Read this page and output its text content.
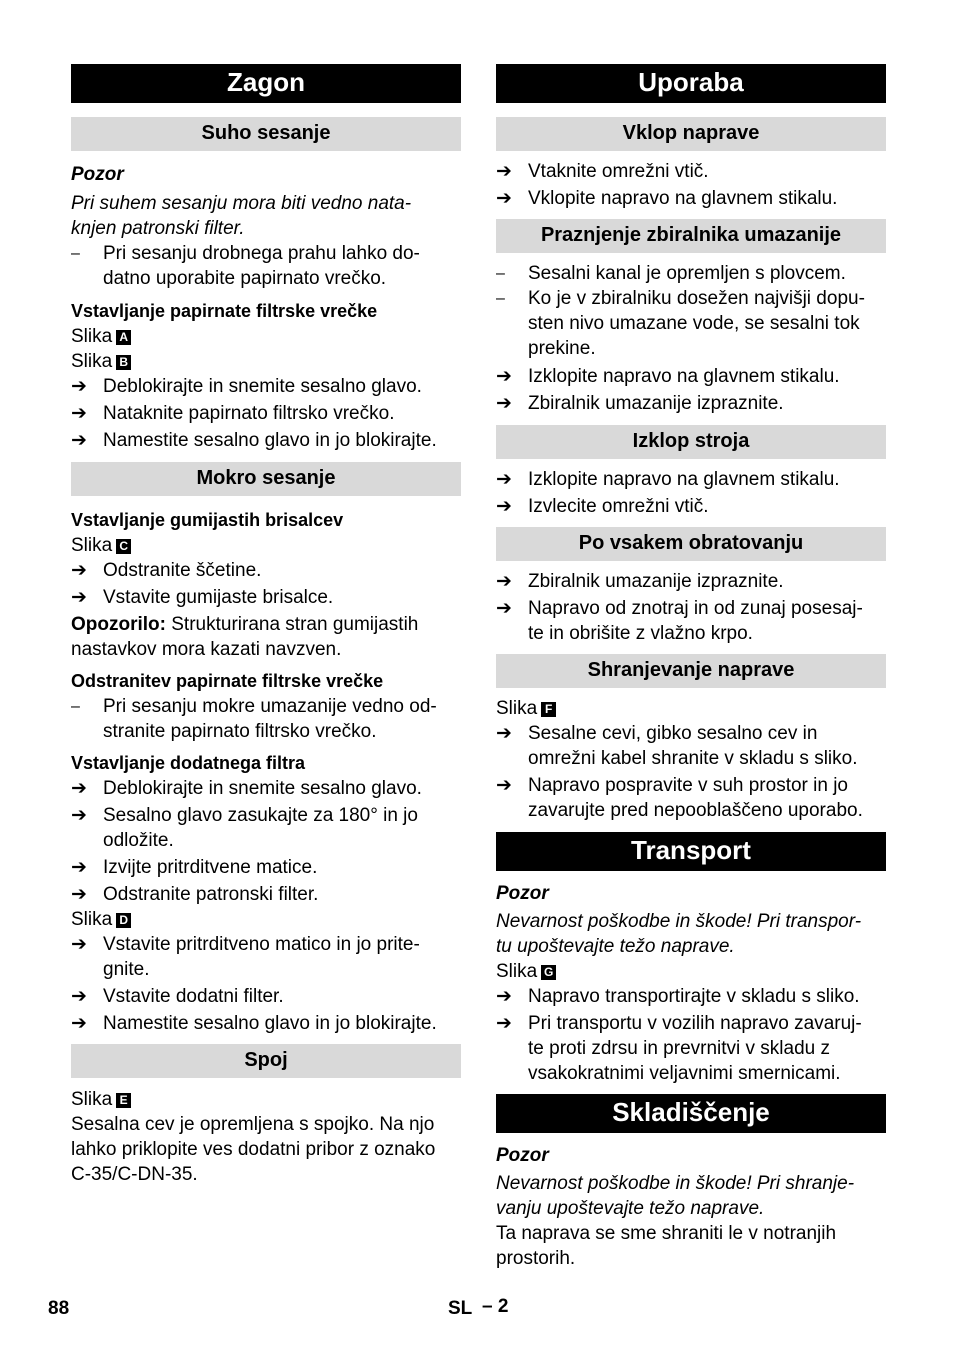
Zagon
Suho sesanje
Pozor
Pri suhem sesanju mora biti vedno nata-
knjen patronski filter.
–	Pri sesanju drobnega prahu lahko do-
datno uporabite papirnato vrečko.
Vstavljanje papirnate filtrske vrečke
Slika A
Slika B
➔ Deblokirajte in snemite sesalno glavo.
➔ Nataknite papirnato filtrsko vrečko.
➔ Namestite sesalno glavo in jo blokirajte.
Mokro sesanje
Vstavljanje gumijastih brisalcev
Slika C
➔ Odstranite ščetine.
➔ Vstavite gumijaste brisalce.
Opozorilo: Strukturirana stran gumijastih
nastavkov mora kazati navzven.
Odstranitev papirnate filtrske vrečke
–	Pri sesanju mokre umazanije vedno od-
stranite papirnato filtrsko vrečko.
Vstavljanje dodatnega filtra
➔ Deblokirajte in snemite sesalno glavo.
➔ Sesalno glavo zasukajte za 180° in jo
odložite.
➔ Izvijte pritrditvene matice.
➔ Odstranite patronski filter.
Slika D
➔ Vstavite pritrditveno matico in jo prite-
gnite.
➔ Vstavite dodatni filter.
➔ Namestite sesalno glavo in jo blokirajte.
Spoj
Slika E
Sesalna cev je opremljena s spojko. Na njo
lahko priklopite ves dodatni pribor z oznako
C-35/C-DN-35.
Uporaba
Vklop naprave
➔ Vtaknite omrežni vtič.
➔ Vklopite napravo na glavnem stikalu.
Praznjenje zbiralnika umazanije
–	Sesalni kanal je opremljen s plovcem.
–	Ko je v zbiralniku dosežen najvišji dopu-
sten nivo umazane vode, se sesalni tok
prekine.
➔ Izklopite napravo na glavnem stikalu.
➔ Zbiralnik umazanije izpraznite.
Izklop stroja
➔ Izklopite napravo na glavnem stikalu.
➔ Izvlecite omrežni vtič.
Po vsakem obratovanju
➔ Zbiralnik umazanije izpraznite.
➔ Napravo od znotraj in od zunaj posesaj-
te in obrišite z vlažno krpo.
Shranjevanje naprave
Slika F
➔ Sesalne cevi, gibko sesalno cev in
omrežni kabel shranite v skladu s sliko.
➔ Napravo pospravite v suh prostor in jo
zavarujte pred nepooblaščeno uporabo.
Transport
Pozor
Nevarnost poškodbe in škode! Pri transpor-
tu upoštevajte težo naprave.
Slika G
➔ Napravo transportirajte v skladu s sliko.
➔ Pri transportu v vozilih napravo zavaruj-
te proti zdrsu in prevrnitvi v skladu z
vsakokratnimi veljavnimi smernicami.
Skladiščenje
Pozor
Nevarnost poškodbe in škode! Pri shranje-
vanju upoštevajte težo naprave.
Ta naprava se sme shraniti le v notranjih
prostorih.
88	SL – 2
